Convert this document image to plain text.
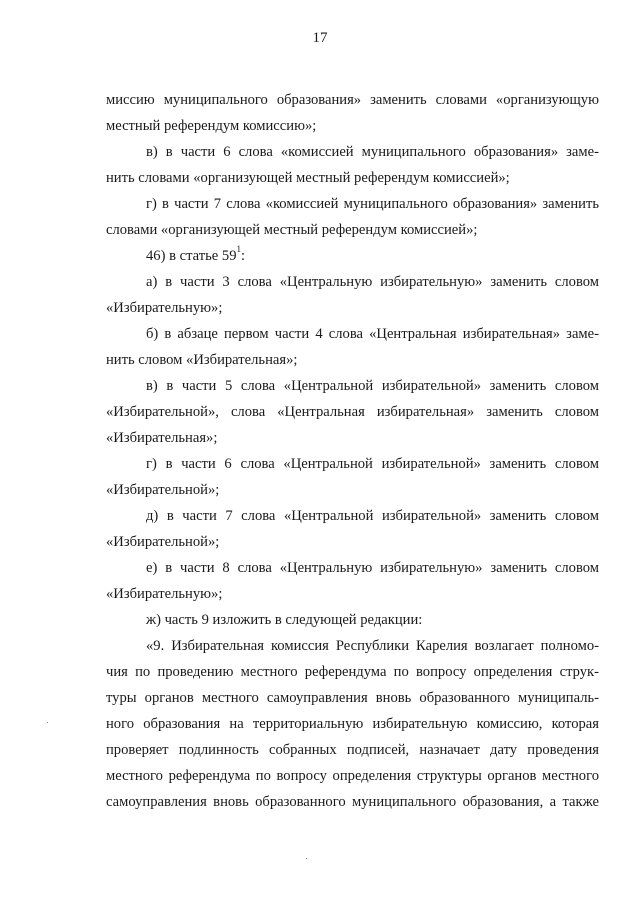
17
миссию муниципального образования» заменить словами «организующую
местный референдум комиссию»;
в) в части 6 слова «комиссией муниципального образования» заме-
нить словами «организующей местный референдум комиссией»;
г) в части 7 слова «комиссией муниципального образования» заменить
словами «организующей местный референдум комиссией»;
46) в статье $59^1$:
а) в части 3 слова «Центральную избирательную» заменить словом
«Избирательную»;
б) в абзаце первом части 4 слова «Центральная избирательная» заме-
нить словом «Избирательная»;
в) в части 5 слова «Центральной избирательной» заменить словом
«Избирательной», слова «Центральная избирательная» заменить словом
«Избирательная»;
г) в части 6 слова «Центральной избирательной» заменить словом
«Избирательной»;
д) в части 7 слова «Центральной избирательной» заменить словом
«Избирательной»;
е) в части 8 слова «Центральную избирательную» заменить словом
«Избирательную»;
ж) часть 9 изложить в следующей редакции:
«9. Избирательная комиссия Республики Карелия возлагает полномо-
чия по проведению местного референдума по вопросу определения струк-
туры органов местного самоуправления вновь образованного муниципаль-
ного образования на территориальную избирательную комиссию, которая
проверяет подлинность собранных подписей, назначает дату проведения
местного референдума по вопросу определения структуры органов местного
самоуправления вновь образованного муниципального образования, а также
